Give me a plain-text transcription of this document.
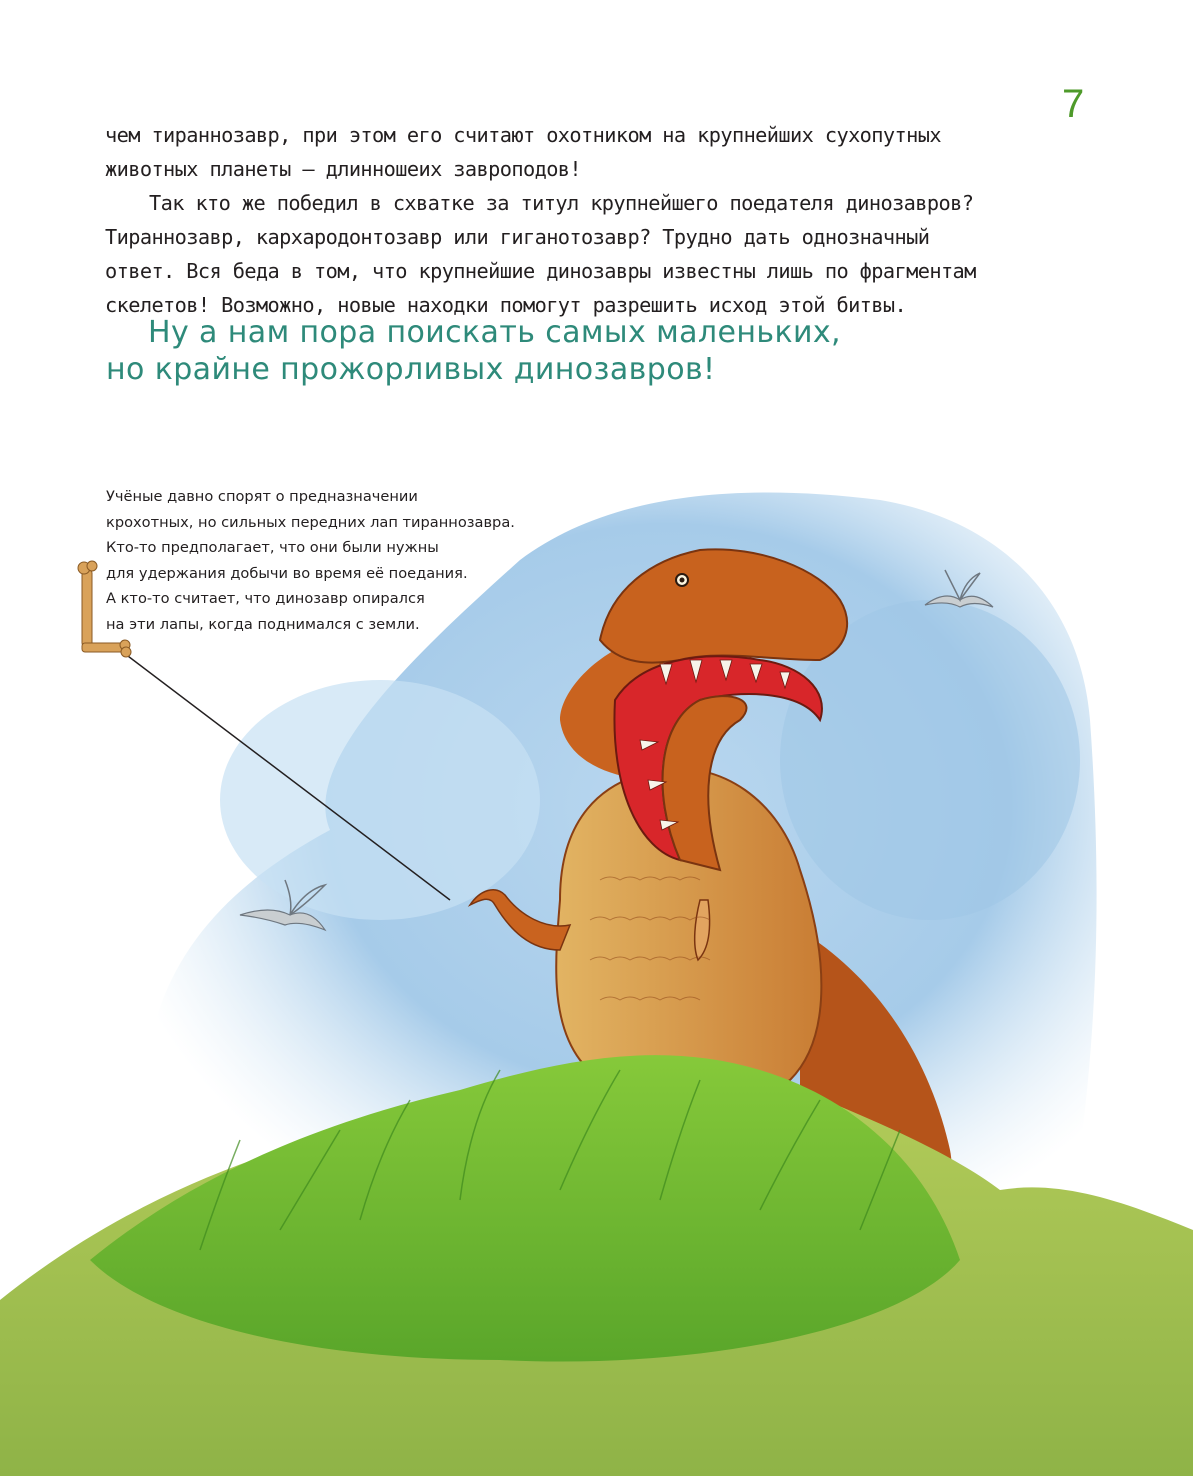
7

чем тираннозавр, при этом его считают охотником на крупнейших сухопутных

животных планеты — длинношеих завроподов!

Так кто же победил в схватке за титул крупнейшего поедателя динозавров?

Тираннозавр, кархародонтозавр или гиганотозавр? Трудно дать однозначный

ответ. Вся беда в том, что крупнейшие динозавры известны лишь по фрагментам

скелетов! Возможно, новые находки помогут разрешить исход этой битвы.

Ну а нам пора поискать самых маленьких,

но крайне прожорливых динозавров!

Учёные давно спорят о предназначении

крохотных, но сильных передних лап тираннозавра.

Кто-то предполагает, что они были нужны

для удержания добычи во время её поедания.

А кто-то считает, что динозавр опирался

на эти лапы, когда поднимался с земли.
